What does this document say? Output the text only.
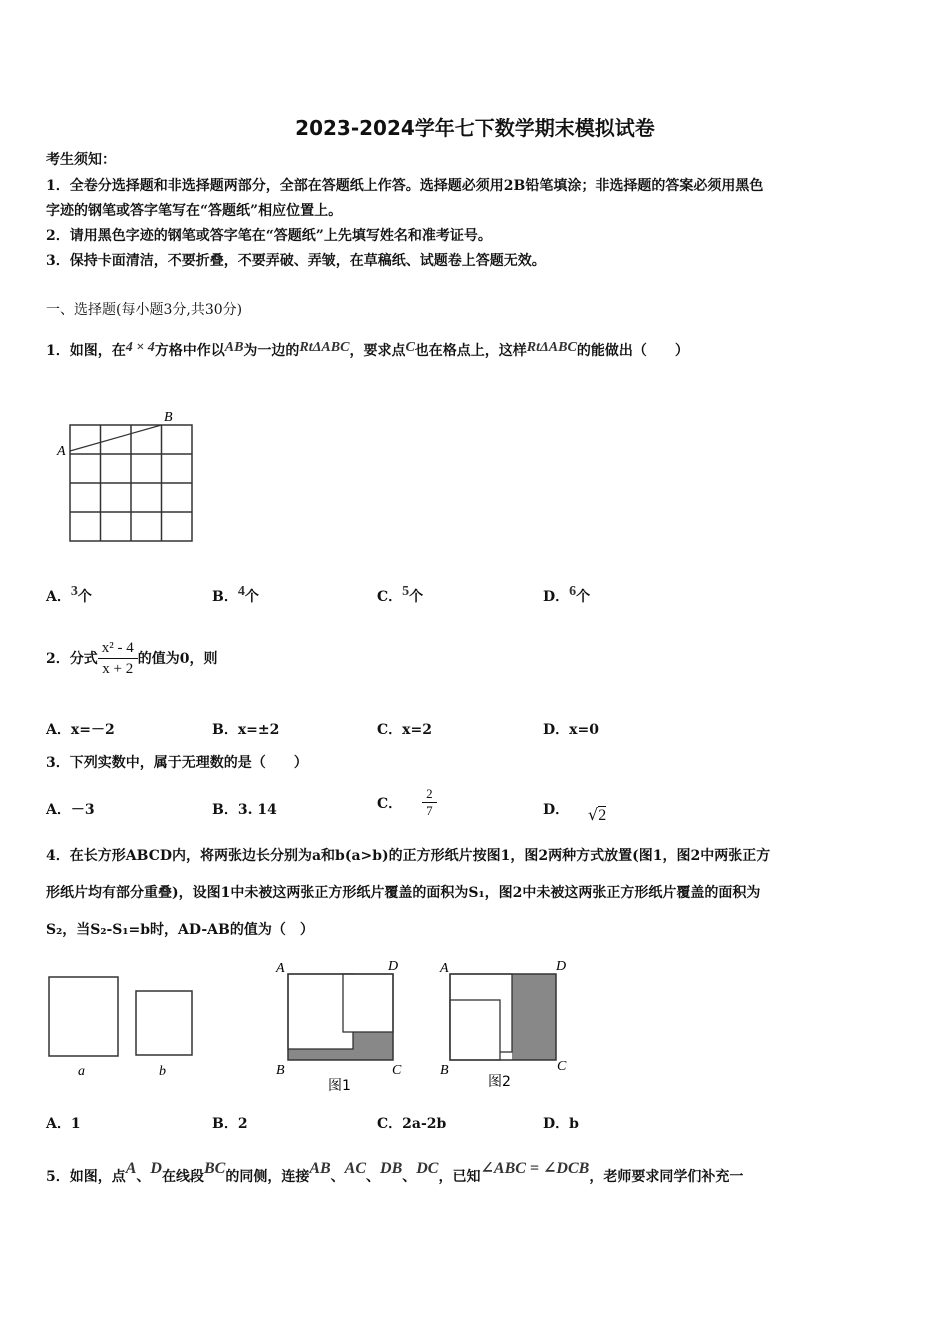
2023-2024学年七下数学期末模拟试卷
考生须知：
1．全卷分选择题和非选择题两部分，全部在答题纸上作答。选择题必须用2B铅笔填涂；非选择题的答案必须用黑色
字迹的钢笔或答字笔写在“答题纸”相应位置上。
2．请用黑色字迹的钢笔或答字笔在“答题纸”上先填写姓名和准考证号。
3．保持卡面清洁，不要折叠，不要弄破、弄皱，在草稿纸、试题卷上答题无效。
一、选择题(每小题3分,共30分)
1．如图，在4 × 4方格中作以AB为一边的RtΔABC，要求点C也在格点上，这样RtΔABC的能做出（　　）
A
B
A．3个	B．4个	C．5个	D．6个
2．分式 $\frac{\text{x² - 4}}{x + 2}$ 的值为0，则
A．x=－2	B．x=±2	C．x=2	D．x=0
3．下列实数中，属于无理数的是（　　）
A．－3	B．3. 14	C． $\frac{2}{7}$	D． √2
4．在长方形ABCD内，将两张边长分别为a和b(a>b)的正方形纸片按图1，图2两种方式放置(图1，图2中两张正方
形纸片均有部分重叠)，设图1中未被这两张正方形纸片覆盖的面积为S₁，图2中未被这两张正方形纸片覆盖的面积为
S₂，当S₂-S₁=b时，AD-AB的值为（　）
a	b
A	D
B	C
图1
A	D
B	C
图2
A．1	B．2	C．2a-2b	D．b
5．如图，点A、D在线段BC的同侧，连接AB、AC、DB、DC，已知∠ABC = ∠DCB，老师要求同学们补充一
